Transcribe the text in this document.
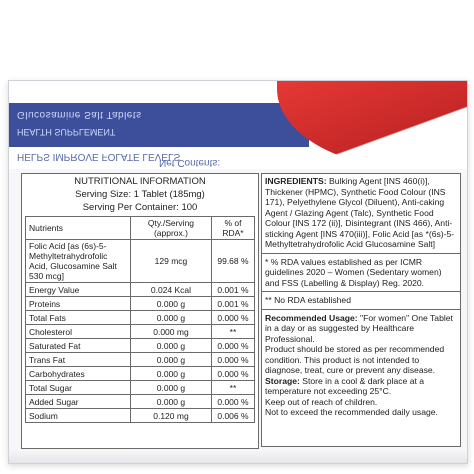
Glucosamine Salt Tablets
HEALTH SUPPLEMENT
HELPS IMPROVE FOLATE LEVELS
Net Contents:
NUTRITIONAL INFORMATION
Serving Size: 1 Tablet (185mg)
Serving Per Container: 100
Nutrients	Qty./Serving (approx.)	% of RDA*
Folic Acid [as (6s)-5-Methyltetrahydrofolic Acid, Glucosamine Salt 530 mcg]	129 mcg	99.68 %
Energy Value	0.024 Kcal	0.001 %
Proteins	0.000 g	0.001 %
Total Fats	0.000 g	0.000 %
Cholesterol	0.000 mg	**
Saturated Fat	0.000 g	0.000 %
Trans Fat	0.000 g	0.000 %
Carbohydrates	0.000 g	0.000 %
Total Sugar	0.000 g	**
Added Sugar	0.000 g	0.000 %
Sodium	0.120 mg	0.006 %
INGREDIENTS: Bulking Agent [INS 460(i)], Thickener (HPMC), Synthetic Food Colour (INS 171), Pelyethylene Glycol (Diluent), Anti-caking Agent / Glazing Agent (Talc), Synthetic Food Colour [INS 172 (ii)], Disintegrant (INS 466), Anti-sticking Agent [INS 470(iii)], Folic Acid [as *(6s)-5-Methyltetrahydrofolic Acid Glucosamine Salt]
* % RDA values established as per ICMR guidelines 2020 – Women (Sedentary women) and FSS (Labelling & Display) Reg. 2020.
** No RDA established
Recommended Usage: "For women" One Tablet in a day or as suggested by Healthcare Professional.
Product should be stored as per recommended condition. This product is not intended to diagnose, treat, cure or prevent any disease.
Storage: Store in a cool & dark place at a temperature not exceeding 25°C.
Keep out of reach of children.
Not to exceed the recommended daily usage.
